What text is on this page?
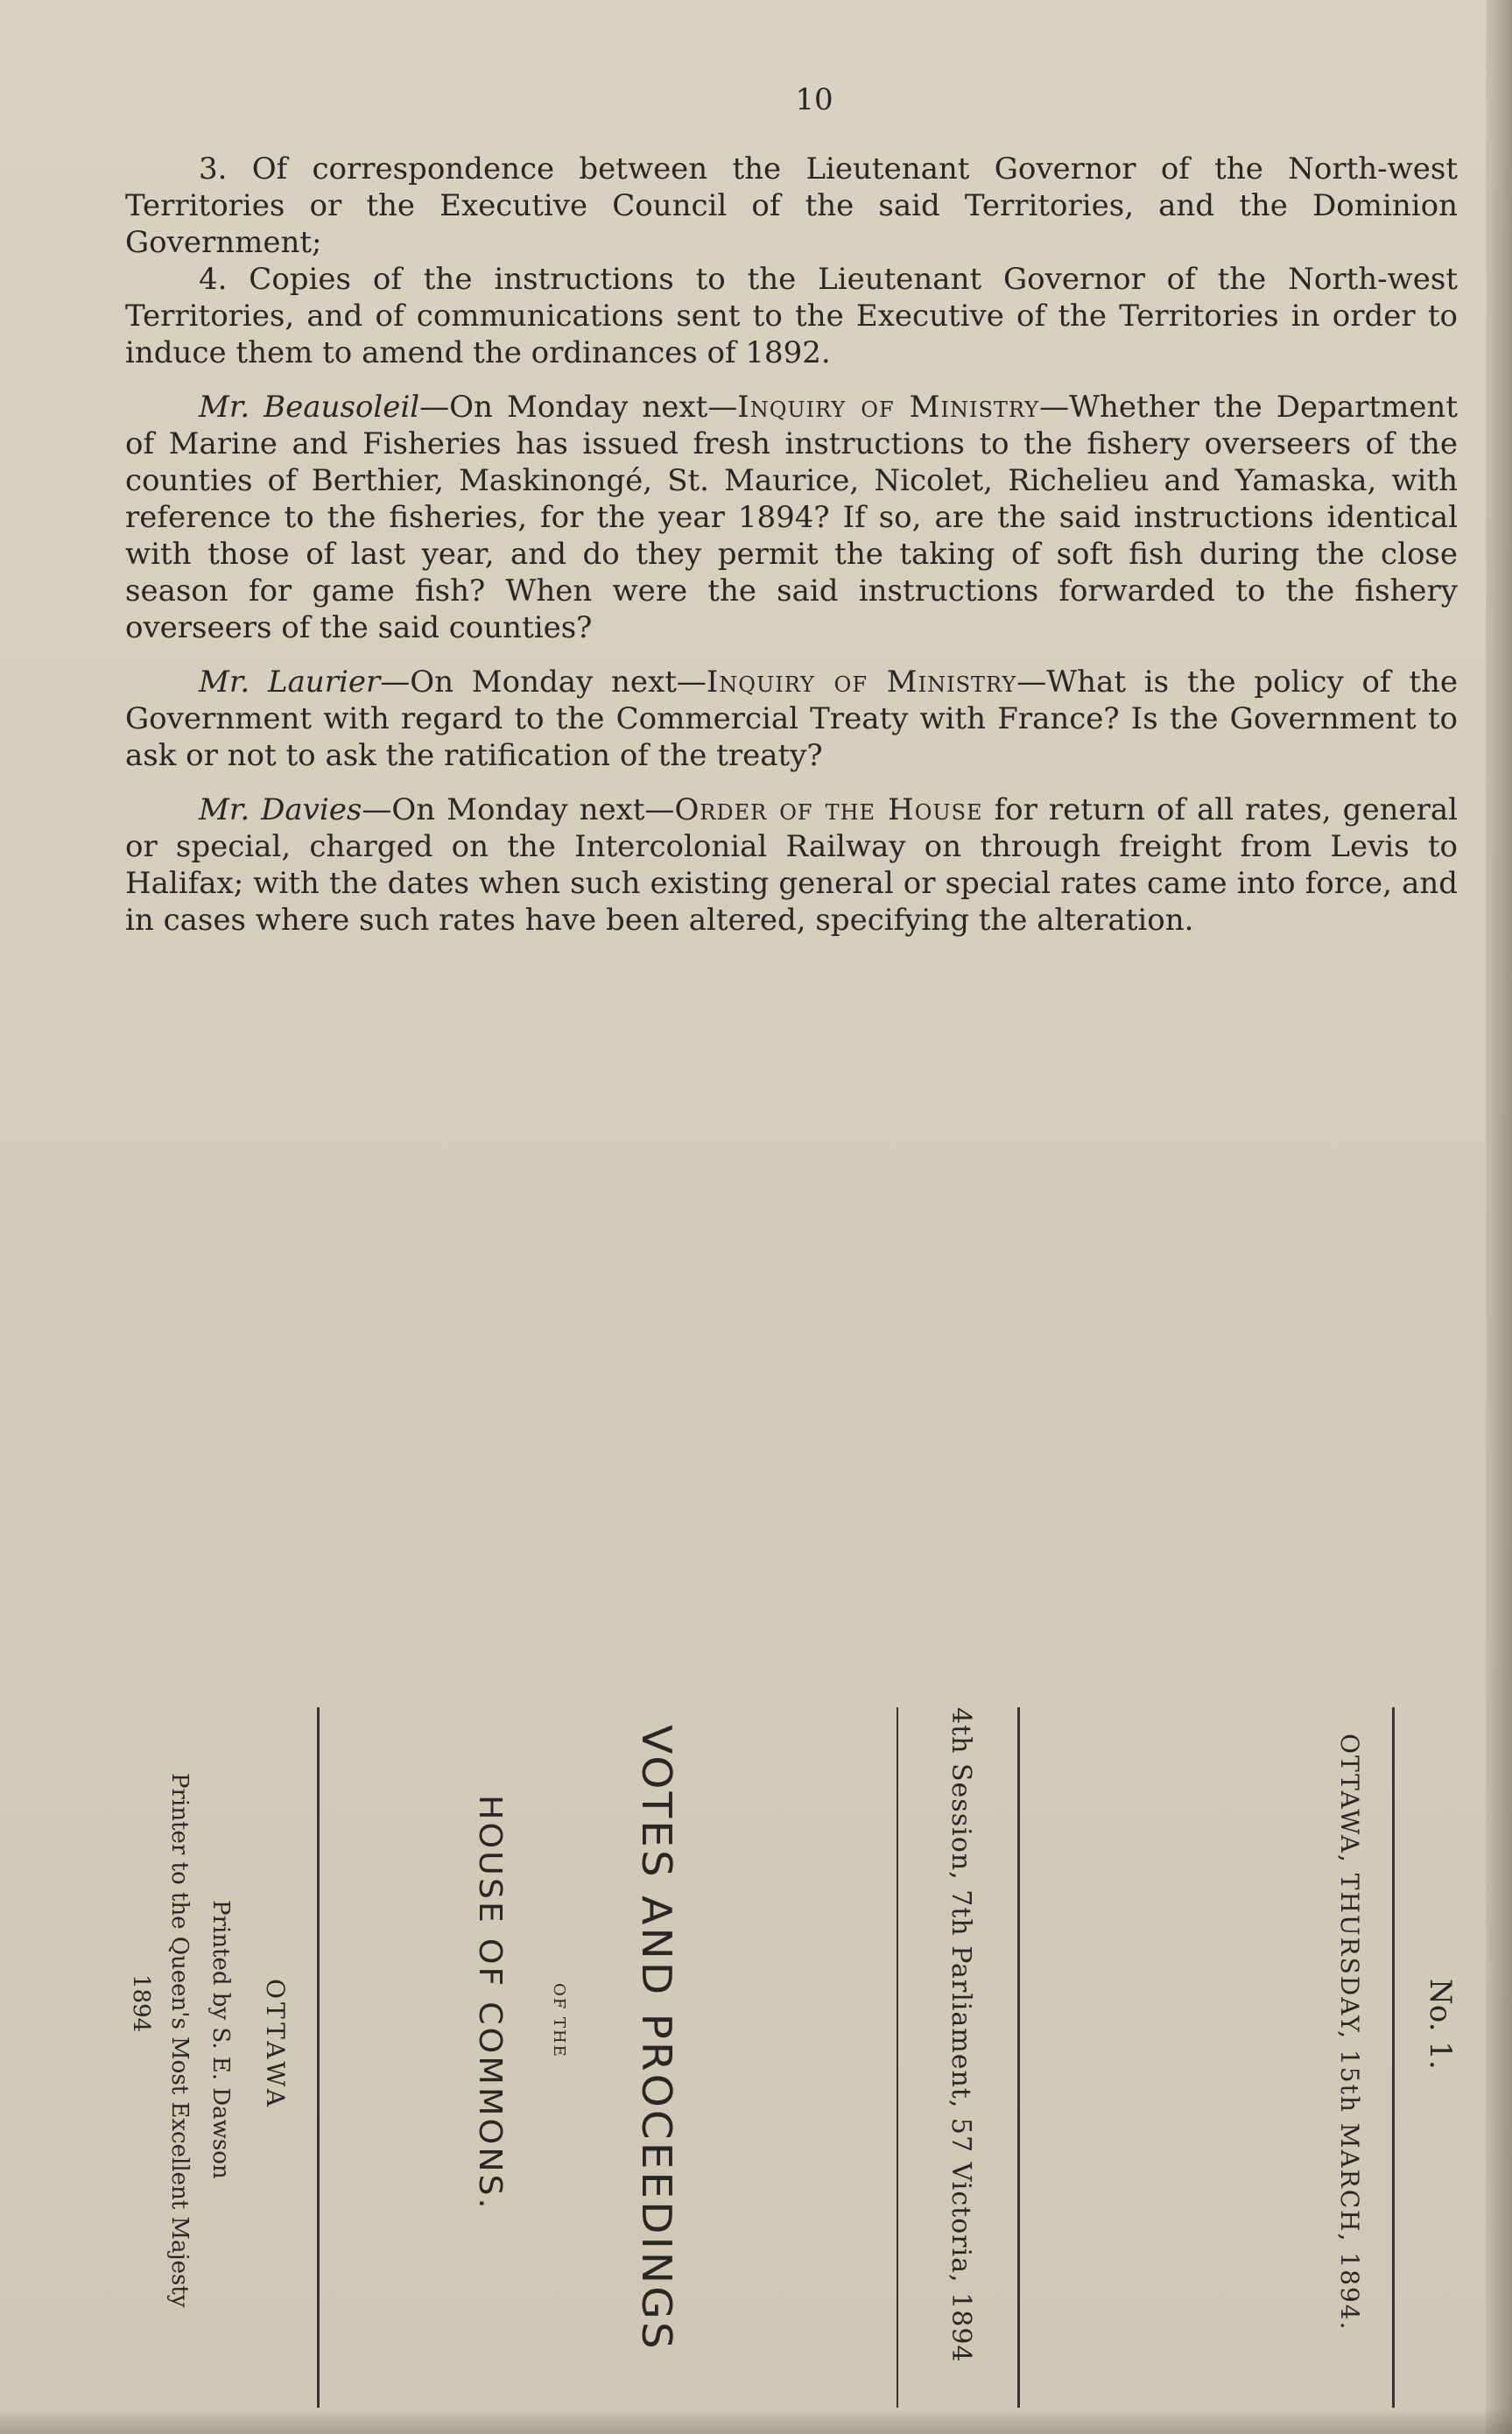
10

3. Of correspondence between the Lieutenant Governor of the North-west Territories or the Executive Council of the said Territories, and the Dominion Government;

4. Copies of the instructions to the Lieutenant Governor of the North-west Territories, and of communications sent to the Executive of the Territories in order to induce them to amend the ordinances of 1892.

Mr. Beausoleil—On Monday next—Inquiry of Ministry—Whether the Department of Marine and Fisheries has issued fresh instructions to the fishery overseers of the counties of Berthier, Maskinongé, St. Maurice, Nicolet, Richelieu and Yamaska, with reference to the fisheries, for the year 1894? If so, are the said instructions identical with those of last year, and do they permit the taking of soft fish during the close season for game fish? When were the said instructions forwarded to the fishery overseers of the said counties?

Mr. Laurier—On Monday next—Inquiry of Ministry—What is the policy of the Government with regard to the Commercial Treaty with France? Is the Government to ask or not to ask the ratification of the treaty?

Mr. Davies—On Monday next—Order of the House for return of all rates, general or special, charged on the Intercolonial Railway on through freight from Levis to Halifax; with the dates when such existing general or special rates came into force, and in cases where such rates have been altered, specifying the alteration.

No. 1.
OTTAWA, THURSDAY, 15th MARCH, 1894.
4th Session, 7th Parliament, 57 Victoria, 1894
VOTES AND PROCEEDINGS
OF THE
HOUSE OF COMMONS.
OTTAWA
Printed by S. E. Dawson
Printer to the Queen's Most Excellent Majesty
1894
